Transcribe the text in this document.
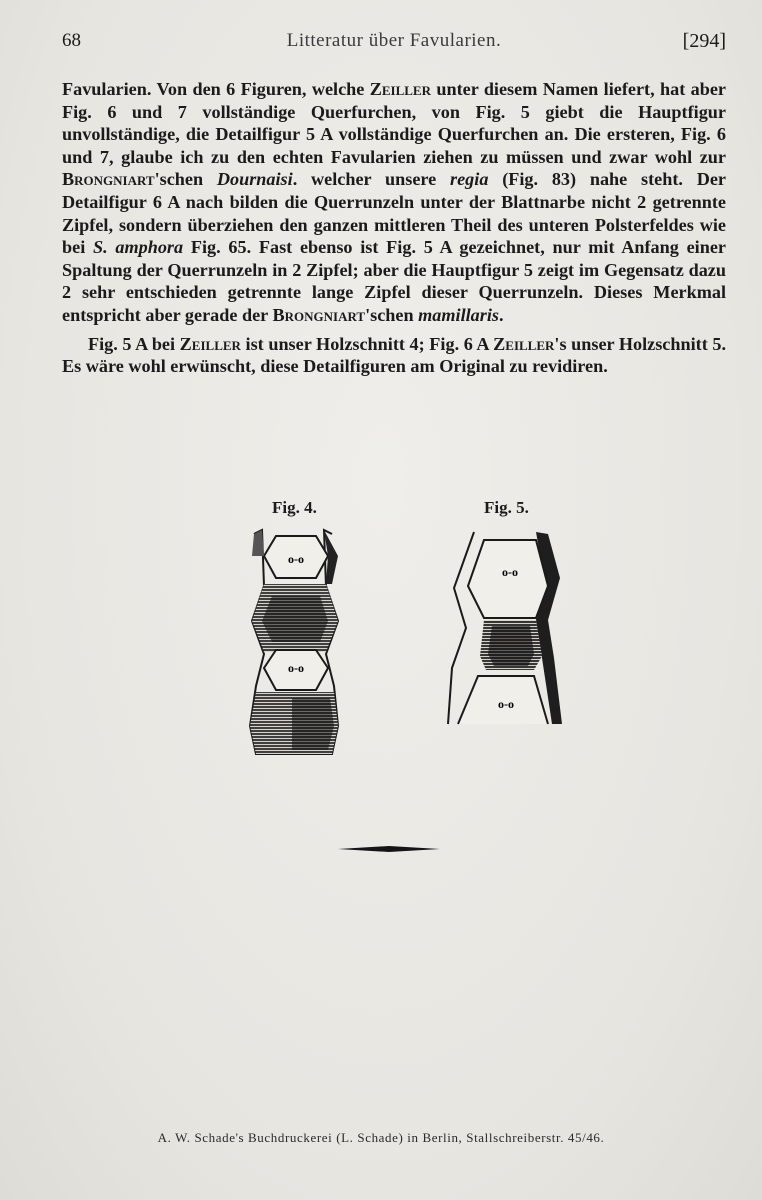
68	Litteratur über Favularien.	[294]

Favularien. Von den 6 Figuren, welche Zeiller unter diesem Namen liefert, hat aber Fig. 6 und 7 vollständige Querfurchen, von Fig. 5 giebt die Hauptfigur unvollständige, die Detailfigur 5 A vollständige Querfurchen an. Die ersteren, Fig. 6 und 7, glaube ich zu den echten Favularien ziehen zu müssen und zwar wohl zur Brongniart'schen Dournaisi. welcher unsere regia (Fig. 83) nahe steht. Der Detailfigur 6 A nach bilden die Querrunzeln unter der Blattnarbe nicht 2 getrennte Zipfel, sondern überziehen den ganzen mittleren Theil des unteren Polsterfeldes wie bei S. amphora Fig. 65. Fast ebenso ist Fig. 5 A gezeichnet, nur mit Anfang einer Spaltung der Querrunzeln in 2 Zipfel; aber die Hauptfigur 5 zeigt im Gegensatz dazu 2 sehr entschieden getrennte lange Zipfel dieser Querrunzeln. Dieses Merkmal entspricht aber gerade der Brongniart'schen mamillaris.

Fig. 5 A bei Zeiller ist unser Holzschnitt 4; Fig. 6 A Zeiller's unser Holzschnitt 5. Es wäre wohl erwünscht, diese Detailfiguren am Original zu revidiren.

Fig. 4.	Fig. 5.
o-o
o-o
o-o
o-o
A. W. Schade's Buchdruckerei (L. Schade) in Berlin, Stallschreiberstr. 45/46.
